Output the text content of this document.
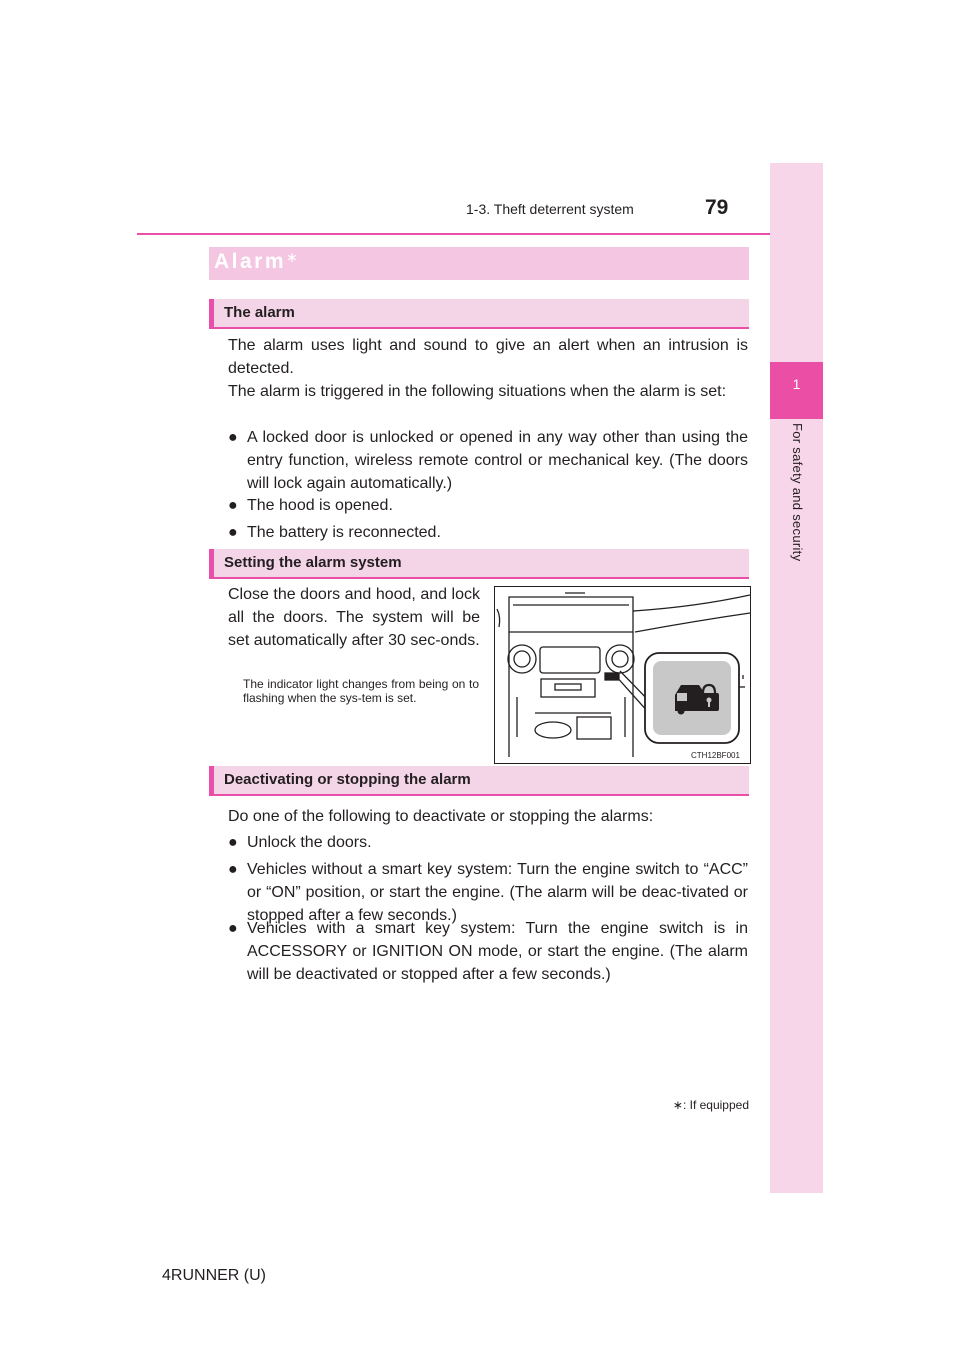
79
1-3. Theft deterrent system
1
For safety and security
Alarm ∗
The alarm
The alarm uses light and sound to give an alert when an intrusion is detected.
The alarm is triggered in the following situations when the alarm is set:
● A locked door is unlocked or opened in any way other than using the entry function, wireless remote control or mechanical key. (The doors will lock again automatically.)
● The hood is opened.
● The battery is reconnected.
Setting the alarm system
Close the doors and hood, and lock all the doors. The system will be set automatically after 30 sec-onds.
The indicator light changes from being on to flashing when the sys-tem is set.
CTH12BF001
Deactivating or stopping the alarm
Do one of the following to deactivate or stopping the alarms:
● Unlock the doors.
● Vehicles without a smart key system: Turn the engine switch to “ACC” or “ON” position, or start the engine. (The alarm will be deac-tivated or stopped after a few seconds.)
● Vehicles with a smart key system: Turn the engine switch is in ACCESSORY or IGNITION ON mode, or start the engine. (The alarm will be deactivated or stopped after a few seconds.)
∗: If equipped
4RUNNER (U)
